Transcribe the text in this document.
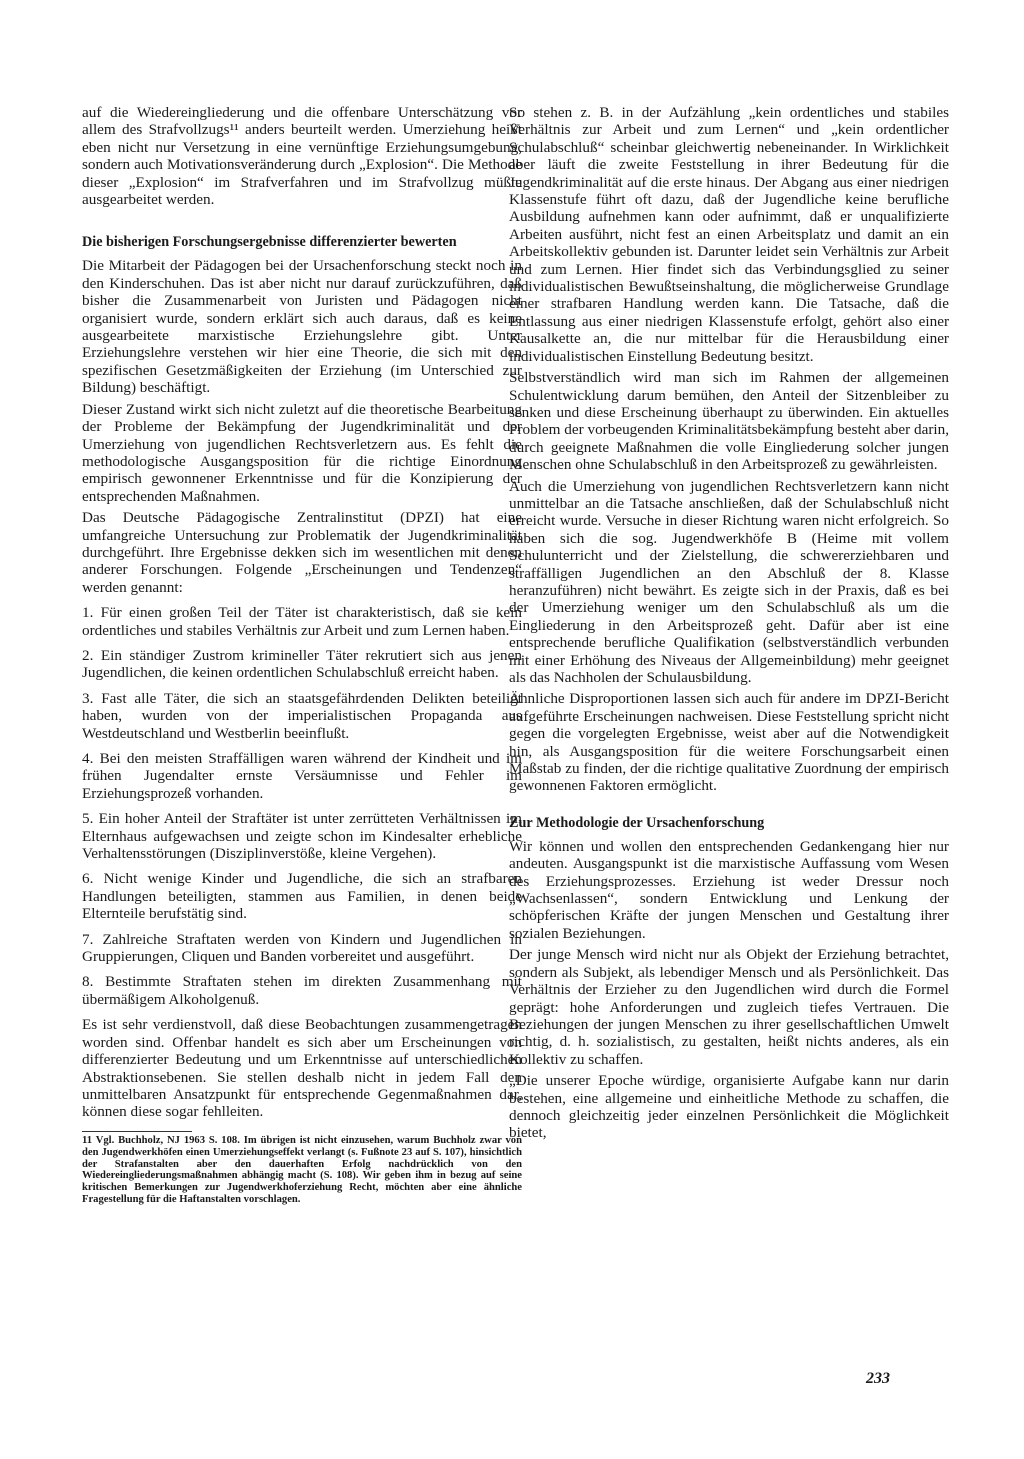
auf die Wiedereingliederung und die offenbare Unterschätzung vor allem des Strafvollzugs¹¹ anders beurteilt werden. Umerziehung heißt eben nicht nur Versetzung in eine vernünftige Erziehungsumgebung, sondern auch Motivationsveränderung durch „Explosion“. Die Methode dieser „Explosion“ im Strafverfahren und im Strafvollzug müßte ausgearbeitet werden.

Die bisherigen Forschungsergebnisse differenzierter bewerten

Die Mitarbeit der Pädagogen bei der Ursachenforschung steckt noch in den Kinderschuhen. Das ist aber nicht nur darauf zurückzuführen, daß bisher die Zusammenarbeit von Juristen und Pädagogen nicht organisiert wurde, sondern erklärt sich auch daraus, daß es keine ausgearbeitete marxistische Erziehungslehre gibt. Unter Erziehungslehre verstehen wir hier eine Theorie, die sich mit den spezifischen Gesetzmäßigkeiten der Erziehung (im Unterschied zur Bildung) beschäftigt.

Dieser Zustand wirkt sich nicht zuletzt auf die theoretische Bearbeitung der Probleme der Bekämpfung der Jugendkriminalität und der Umerziehung von jugendlichen Rechtsverletzern aus. Es fehlt die methodologische Ausgangsposition für die richtige Einordnung empirisch gewonnener Erkenntnisse und für die Konzipierung der entsprechenden Maßnahmen.

Das Deutsche Pädagogische Zentralinstitut (DPZI) hat eine umfangreiche Untersuchung zur Problematik der Jugendkriminalität durchgeführt. Ihre Ergebnisse dekken sich im wesentlichen mit denen anderer Forschungen. Folgende „Erscheinungen und Tendenzen“ werden genannt:

1. Für einen großen Teil der Täter ist charakteristisch, daß sie kein ordentliches und stabiles Verhältnis zur Arbeit und zum Lernen haben.

2. Ein ständiger Zustrom krimineller Täter rekrutiert sich aus jenen Jugendlichen, die keinen ordentlichen Schulabschluß erreicht haben.

3. Fast alle Täter, die sich an staatsgefährdenden Delikten beteiligt haben, wurden von der imperialistischen Propaganda aus Westdeutschland und Westberlin beeinflußt.

4. Bei den meisten Straffälligen waren während der Kindheit und im frühen Jugendalter ernste Versäumnisse und Fehler im Erziehungsprozeß vorhanden.

5. Ein hoher Anteil der Straftäter ist unter zerrütteten Verhältnissen im Elternhaus aufgewachsen und zeigte schon im Kindesalter erhebliche Verhaltensstörungen (Disziplinverstöße, kleine Vergehen).

6. Nicht wenige Kinder und Jugendliche, die sich an strafbaren Handlungen beteiligten, stammen aus Familien, in denen beide Elternteile berufstätig sind.

7. Zahlreiche Straftaten werden von Kindern und Jugendlichen in Gruppierungen, Cliquen und Banden vorbereitet und ausgeführt.

8. Bestimmte Straftaten stehen im direkten Zusammenhang mit übermäßigem Alkoholgenuß.

Es ist sehr verdienstvoll, daß diese Beobachtungen zusammengetragen worden sind. Offenbar handelt es sich aber um Erscheinungen von differenzierter Bedeutung und um Erkenntnisse auf unterschiedlichen Abstraktionsebenen. Sie stellen deshalb nicht in jedem Fall den unmittelbaren Ansatzpunkt für entsprechende Gegenmaßnahmen dar, können diese sogar fehlleiten.

11 Vgl. Buchholz, NJ 1963 S. 108. Im übrigen ist nicht einzusehen, warum Buchholz zwar von den Jugendwerkhöfen einen Umerziehungseffekt verlangt (s. Fußnote 23 auf S. 107), hinsichtlich der Strafanstalten aber den dauerhaften Erfolg nachdrücklich von den Wiedereingliederungsmaßnahmen abhängig macht (S. 108). Wir geben ihm in bezug auf seine kritischen Bemerkungen zur Jugendwerkhoferziehung Recht, möchten aber eine ähnliche Fragestellung für die Haftanstalten vorschlagen.

So stehen z. B. in der Aufzählung „kein ordentliches und stabiles Verhältnis zur Arbeit und zum Lernen“ und „kein ordentlicher Schulabschluß“ scheinbar gleichwertig nebeneinander. In Wirklichkeit aber läuft die zweite Feststellung in ihrer Bedeutung für die Jugendkriminalität auf die erste hinaus. Der Abgang aus einer niedrigen Klassenstufe führt oft dazu, daß der Jugendliche keine berufliche Ausbildung aufnehmen kann oder aufnimmt, daß er unqualifizierte Arbeiten ausführt, nicht fest an einen Arbeitsplatz und damit an ein Arbeitskollektiv gebunden ist. Darunter leidet sein Verhältnis zur Arbeit und zum Lernen. Hier findet sich das Verbindungsglied zu seiner individualistischen Bewußtseinshaltung, die möglicherweise Grundlage einer strafbaren Handlung werden kann. Die Tatsache, daß die Entlassung aus einer niedrigen Klassenstufe erfolgt, gehört also einer Kausalkette an, die nur mittelbar für die Herausbildung einer individualistischen Einstellung Bedeutung besitzt.

Selbstverständlich wird man sich im Rahmen der allgemeinen Schulentwicklung darum bemühen, den Anteil der Sitzenbleiber zu senken und diese Erscheinung überhaupt zu überwinden. Ein aktuelles Problem der vorbeugenden Kriminalitätsbekämpfung besteht aber darin, durch geeignete Maßnahmen die volle Eingliederung solcher jungen Menschen ohne Schulabschluß in den Arbeitsprozeß zu gewährleisten.

Auch die Umerziehung von jugendlichen Rechtsverletzern kann nicht unmittelbar an die Tatsache anschließen, daß der Schulabschluß nicht erreicht wurde. Versuche in dieser Richtung waren nicht erfolgreich. So haben sich die sog. Jugendwerkhöfe B (Heime mit vollem Schulunterricht und der Zielstellung, die schwererziehbaren und straffälligen Jugendlichen an den Abschluß der 8. Klasse heranzuführen) nicht bewährt. Es zeigte sich in der Praxis, daß es bei der Umerziehung weniger um den Schulabschluß als um die Eingliederung in den Arbeitsprozeß geht. Dafür aber ist eine entsprechende berufliche Qualifikation (selbstverständlich verbunden mit einer Erhöhung des Niveaus der Allgemeinbildung) mehr geeignet als das Nachholen der Schulausbildung.

Ähnliche Disproportionen lassen sich auch für andere im DPZI-Bericht aufgeführte Erscheinungen nachweisen. Diese Feststellung spricht nicht gegen die vorgelegten Ergebnisse, weist aber auf die Notwendigkeit hin, als Ausgangsposition für die weitere Forschungsarbeit einen Maßstab zu finden, der die richtige qualitative Zuordnung der empirisch gewonnenen Faktoren ermöglicht.

Zur Methodologie der Ursachenforschung

Wir können und wollen den entsprechenden Gedankengang hier nur andeuten. Ausgangspunkt ist die marxistische Auffassung vom Wesen des Erziehungsprozesses. Erziehung ist weder Dressur noch „Wachsenlassen“, sondern Entwicklung und Lenkung der schöpferischen Kräfte der jungen Menschen und Gestaltung ihrer sozialen Beziehungen.

Der junge Mensch wird nicht nur als Objekt der Erziehung betrachtet, sondern als Subjekt, als lebendiger Mensch und als Persönlichkeit. Das Verhältnis der Erzieher zu den Jugendlichen wird durch die Formel geprägt: hohe Anforderungen und zugleich tiefes Vertrauen. Die Beziehungen der jungen Menschen zu ihrer gesellschaftlichen Umwelt richtig, d. h. sozialistisch, zu gestalten, heißt nichts anderes, als ein Kollektiv zu schaffen.

„Die unserer Epoche würdige, organisierte Aufgabe kann nur darin bestehen, eine allgemeine und einheitliche Methode zu schaffen, die dennoch gleichzeitig jeder einzelnen Persönlichkeit die Möglichkeit bietet,

233
